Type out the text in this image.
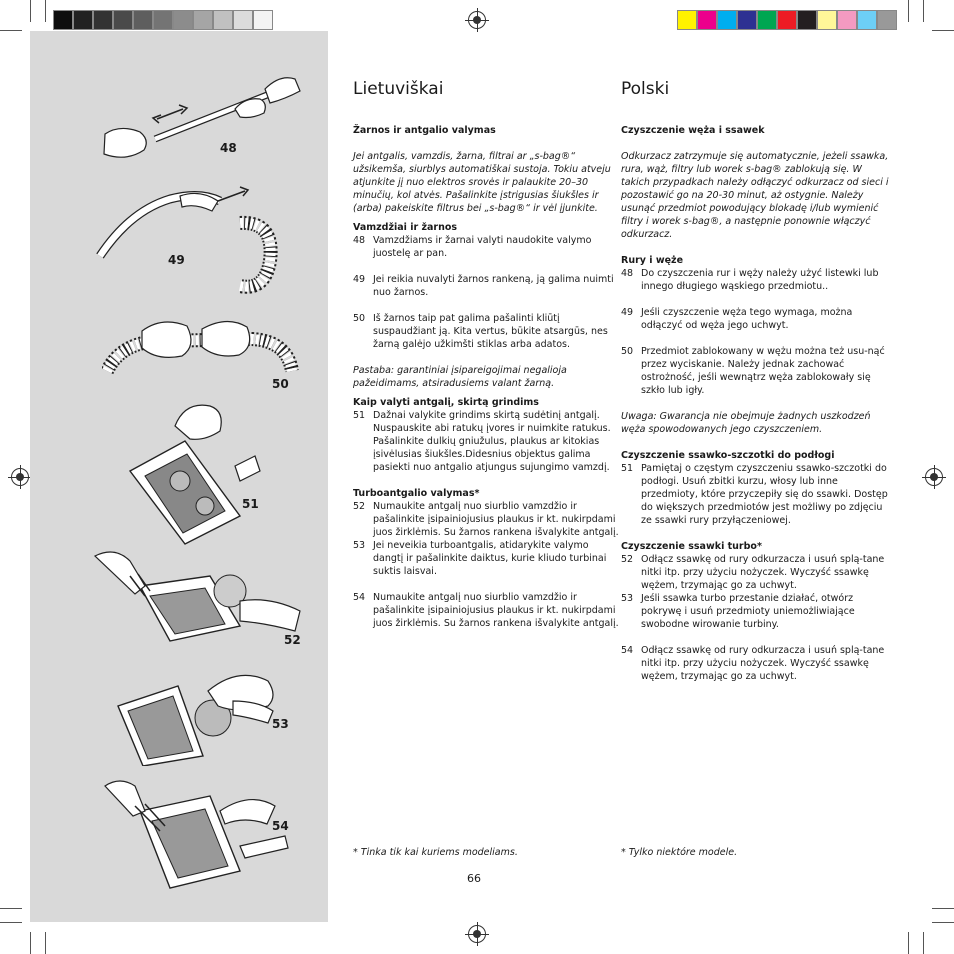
48
49
50
51
52
53
54
Lietuviškai

Žarnos ir antgalio valymas

Jei antgalis, vamzdis, žarna, filtrai ar „s-bag®“ užsikemša, siurblys automatiškai sustoja. Tokiu atveju atjunkite jį nuo elektros srovės ir palaukite 20–30 minučių, kol atvės. Pašalinkite įstrigusias šiukšles ir (arba) pakeiskite filtrus bei „s-bag®“ ir vėl įjunkite.

Vamzdžiai ir žarnos

48 Vamzdžiams ir žarnai valyti naudokite valymo juostelę ar pan.
49 Jei reikia nuvalyti žarnos rankeną, ją galima nuimti nuo žarnos.
50 Iš žarnos taip pat galima pašalinti kliūtį suspaudžiant ją. Kita vertus, būkite atsargūs, nes žarną galėjo užkimšti stiklas arba adatos.

Pastaba: garantiniai įsipareigojimai negalioja pažeidimams, atsiradusiems valant žarną.

Kaip valyti antgalį, skirtą grindims

51 Dažnai valykite grindims skirtą sudėtinį antgalį. Nuspauskite abi ratukų įvores ir nuimkite ratukus. Pašalinkite dulkių gniužulus, plaukus ar kitokias įsivėlusias šiukšles.Didesnius objektus galima pasiekti nuo antgalio atjungus sujungimo vamzdį.

Turboantgalio valymas*

52 Numaukite antgalį nuo siurblio vamzdžio ir pašalinkite įsipainiojusius plaukus ir kt. nukirpdami juos žirklėmis. Su žarnos rankena išvalykite antgalį.
53 Jei neveikia turboantgalis, atidarykite valymo dangtį ir pašalinkite daiktus, kurie kliudo turbinai suktis laisvai.
54 Numaukite antgalį nuo siurblio vamzdžio ir pašalinkite įsipainiojusius plaukus ir kt. nukirpdami juos žirklėmis. Su žarnos rankena išvalykite antgalį.
* Tinka tik kai kuriems modeliams.
Polski

Czyszczenie węża i ssawek

Odkurzacz zatrzymuje się automatycznie, jeżeli ssawka, rura, wąż, filtry lub worek s-bag® zablokują się. W takich przypadkach należy odłączyć odkurzacz od sieci i pozostawić go na 20-30 minut, aż ostygnie. Należy usunąć przedmiot powodujący blokadę i/lub wymienić filtry i worek s-bag®, a następnie ponownie włączyć odkurzacz.

Rury i węże

48 Do czyszczenia rur i węży należy użyć listewki lub innego długiego wąskiego przedmiotu..
49 Jeśli czyszczenie węża tego wymaga, można odłączyć od węża jego uchwyt.
50 Przedmiot zablokowany w wężu można też usu-nąć przez wyciskanie. Należy jednak zachować ostrożność, jeśli wewnątrz węża zablokowały się szkło lub igły.

Uwaga: Gwarancja nie obejmuje żadnych uszkodzeń węża spowodowanych jego czyszczeniem.

Czyszczenie ssawko-szczotki do podłogi

51 Pamiętaj o częstym czyszczeniu ssawko-szczotki do podłogi. Usuń zbitki kurzu, włosy lub inne przedmioty, które przyczepiły się do ssawki. Dostęp do większych przedmiotów jest możliwy po zdjęciu ze ssawki rury przyłączeniowej.

Czyszczenie ssawki turbo*

52 Odłącz ssawkę od rury odkurzacza i usuń splą-tane nitki itp. przy użyciu nożyczek. Wyczyść ssawkę wężem, trzymając go za uchwyt.
53 Jeśli ssawka turbo przestanie działać, otwórz pokrywę i usuń przedmioty uniemożliwiające swobodne wirowanie turbiny.
54 Odłącz ssawkę od rury odkurzacza i usuń splą-tane nitki itp. przy użyciu nożyczek. Wyczyść ssawkę wężem, trzymając go za uchwyt.
* Tylko niektóre modele.
66
